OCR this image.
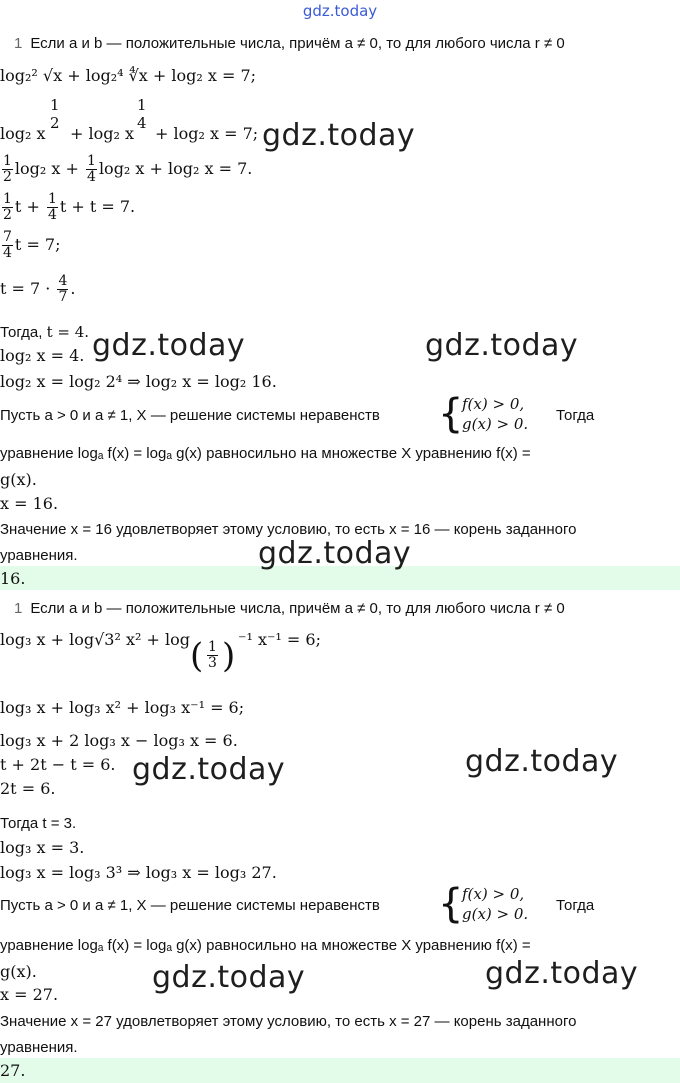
gdz.today
1 Если a и b — положительные числа, причём a ≠ 0, то для любого числа r ≠ 0
log₂² √x + log₂⁴ ∜x + log₂ x = 7;
log₂ x
1
2
+ log₂ x
1
4
+ log₂ x = 7;
$\frac{1}{2} \log_2$ $x + \frac{1}{4} \log_2$ x + log₂ x = 7.
$\frac{1}{2}$ $t + \frac{1}{4}$ t + t = 7.
$\frac{7}{4}$ t = 7;
$t = 7 \cdot \frac{4}{7}$ .
Тогда, t = 4.
log₂ x = 4.
log₂ x = log₂ 2⁴ ⇒ log₂ x = log₂ 16.
Пусть a > 0 и a ≠ 1, X — решение системы неравенств {
f(x) > 0,
g(x) > 0. Тогда
уравнение logₐ f(x) = logₐ g(x) равносильно на множестве X уравнению f(x) =
g(x).
x = 16.
Значение x = 16 удовлетворяет этому условию, то есть x = 16 — корень заданного
уравнения.
16.
1 Если a и b — положительные числа, причём a ≠ 0, то для любого числа r ≠ 0
log₃ x + log√3² x² + log ( $\frac{1}{3}$ ) ⁻¹ x⁻¹ = 6;
log₃ x + log₃ x² + log₃ x⁻¹ = 6;
log₃ x + 2 log₃ x − log₃ x = 6.
t + 2t − t = 6.
2t = 6.
Тогда t = 3.
log₃ x = 3.
log₃ x = log₃ 3³ ⇒ log₃ x = log₃ 27.
Пусть a > 0 и a ≠ 1, X — решение системы неравенств {
f(x) > 0,
g(x) > 0. Тогда
уравнение logₐ f(x) = logₐ g(x) равносильно на множестве X уравнению f(x) =
g(x).
x = 27.
Значение x = 27 удовлетворяет этому условию, то есть x = 27 — корень заданного
уравнения.
27.
gdz.today
gdz.today	gdz.today
gdz.today
gdz.today
gdz.today
gdz.today
gdz.today
